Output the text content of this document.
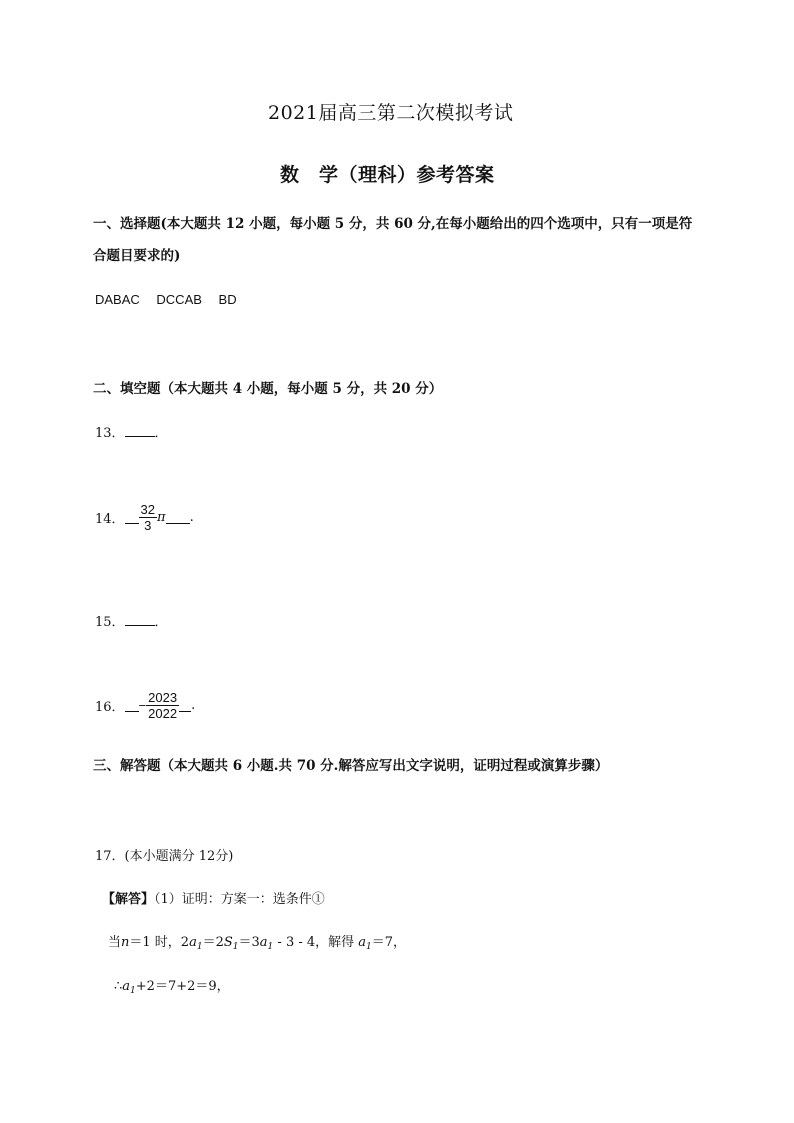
2021届高三第二次模拟考试
数　学（理科）参考答案
一、选择题(本大题共 12 小题，每小题 5 分，共 60 分,在每小题给出的四个选项中，只有一项是符
合题目要求的)
DABAC　 DCCAB　 BD
二、填空题（本大题共 4 小题，每小题 5 分，共 20 分）
13． ．
14． $\frac{32}{3}$ π .
15． ．
16． − $\frac{2023}{2022}$ .
三、解答题（本大题共 6 小题.共 70 分.解答应写出文字说明，证明过程或演算步骤）
17．(本小题满分 12分)
【解答】（1）证明：方案一：选条件①
当n＝1 时，$2a_1=2S_1=3a_1 - 3 - 4$，解得 $a_1=7$，
$\therefore a_1+2=7+2=9$，
